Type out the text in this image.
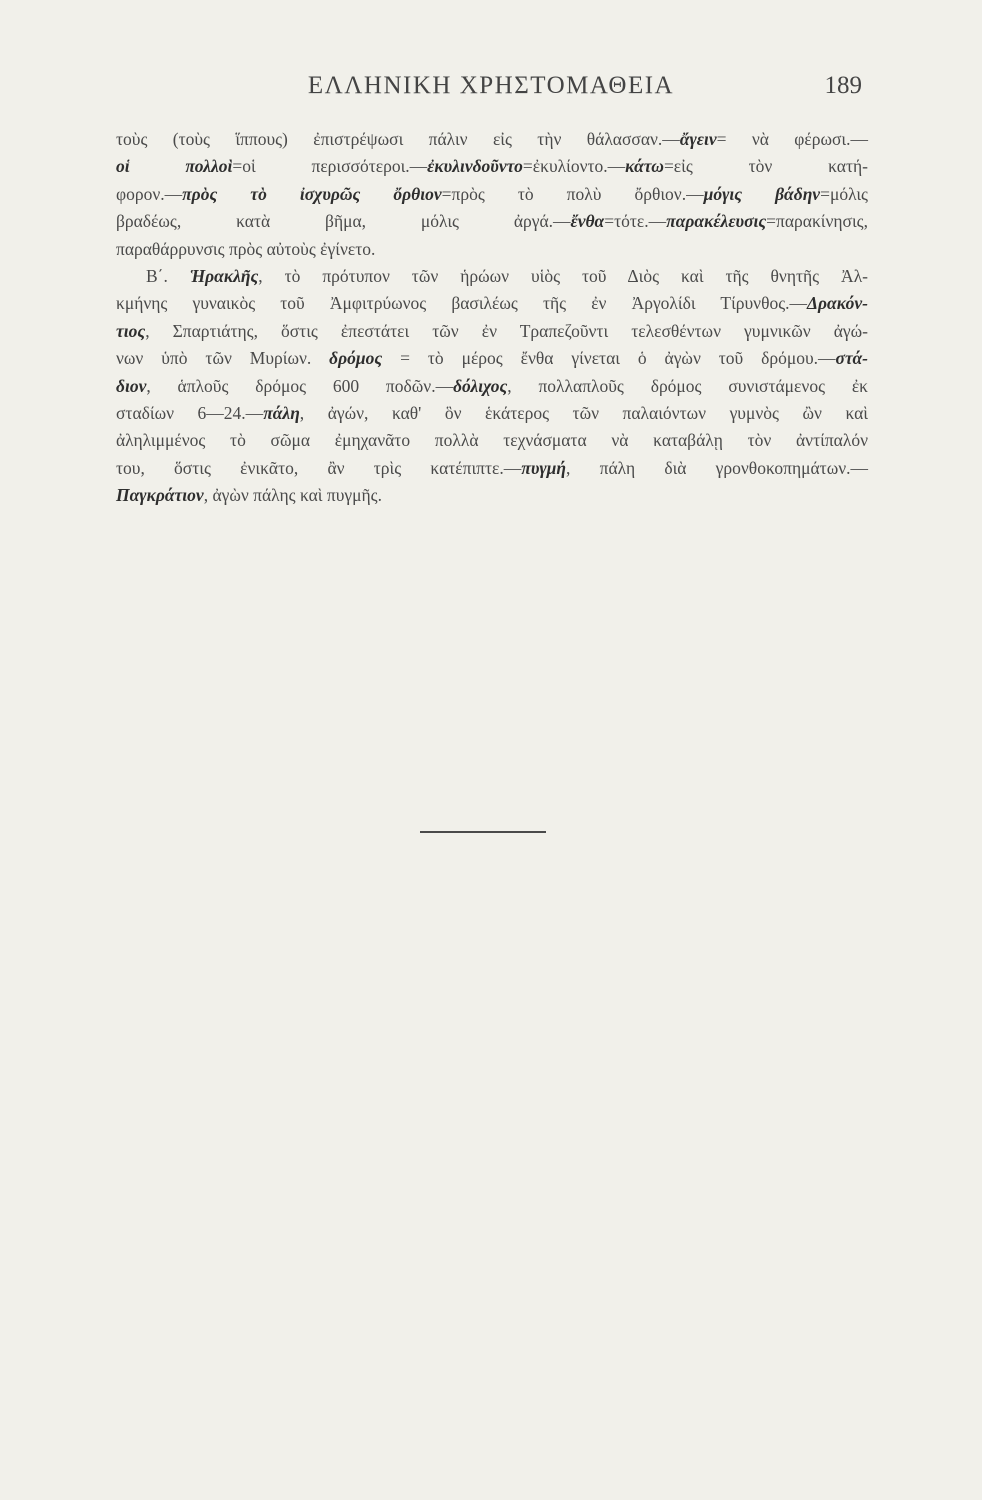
ΕΛΛΗΝΙΚΗ ΧΡΗΣΤΟΜΑΘΕΙΑ	189
τοὺς (τοὺς ἵππους) ἐπιστρέψωσι πάλιν εἰς τὴν θάλασσαν.—ἄγειν= νὰ φέρωσι.—
οἱ πολλοὶ=οἱ περισσότεροι.—ἐκυλινδοῦντο=ἐκυλίοντο.—κάτω=εἰς τὸν κατή-
φορον.—πρὸς τὸ ἰσχυρῶς ὄρθιον=πρὸς τὸ πολὺ ὄρθιον.—μόγις βάδην=μόλις
βραδέως, κατὰ βῆμα, μόλις ἀργά.—ἔνθα=τότε.—παρακέλευσις=παρακίνησις,
παραθάρρυνσις πρὸς αὐτοὺς ἐγίνετο.
Β΄. Ἡρακλῆς, τὸ πρότυπον τῶν ἡρώων υἱὸς τοῦ Διὸς καὶ τῆς θνητῆς Ἀλ-
κμήνης γυναικὸς τοῦ Ἀμφιτρύωνος βασιλέως τῆς ἐν Ἀργολίδι Τίρυνθος.—Δρακόν-
τιος, Σπαρτιάτης, ὅστις ἐπεστάτει τῶν ἐν Τραπεζοῦντι τελεσθέντων γυμνικῶν ἀγώ-
νων ὑπὸ τῶν Μυρίων. δρόμος = τὸ μέρος ἔνθα γίνεται ὁ ἀγὼν τοῦ δρόμου.—στά-
διον, ἁπλοῦς δρόμος 600 ποδῶν.—δόλιχος, πολλαπλοῦς δρόμος συνιστάμενος ἐκ
σταδίων 6—24.—πάλη, ἀγών, καθ' ὃν ἑκάτερος τῶν παλαιόντων γυμνὸς ὢν καὶ
ἀληλιμμένος τὸ σῶμα ἐμηχανᾶτο πολλὰ τεχνάσματα νὰ καταβάλῃ τὸν ἀντίπαλόν
του, ὅστις ἐνικᾶτο, ἂν τρὶς κατέπιπτε.—πυγμή, πάλη διὰ γρονθοκοπημάτων.—
Παγκράτιον, ἀγὼν πάλης καὶ πυγμῆς.
